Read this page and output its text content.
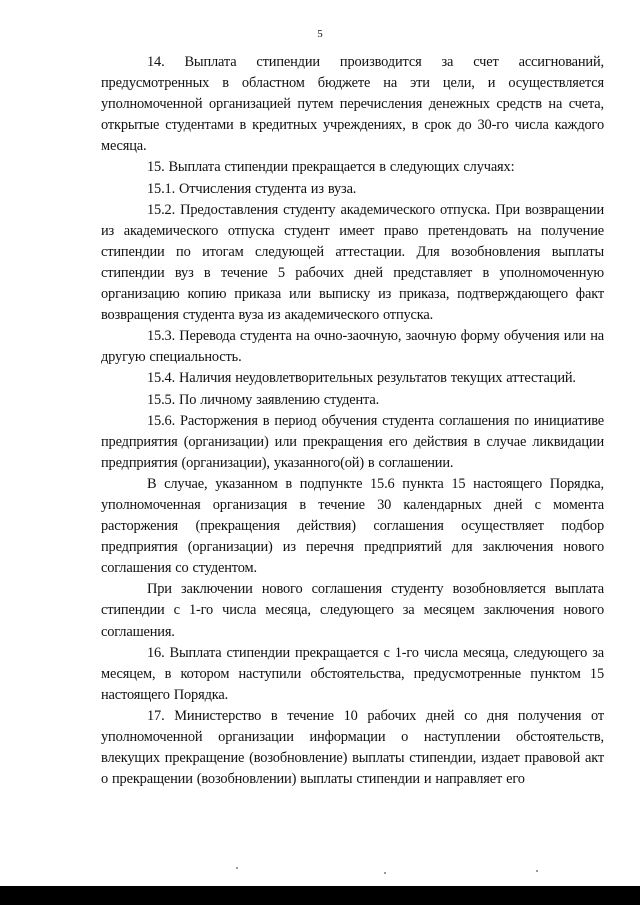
5

14. Выплата стипендии производится за счет ассигнований, предусмотренных в областном бюджете на эти цели, и осуществляется уполномоченной организацией путем перечисления денежных средств на счета, открытые студентами в кредитных учреждениях, в срок до 30-го числа каждого месяца.

15. Выплата стипендии прекращается в следующих случаях:

15.1. Отчисления студента из вуза.

15.2. Предоставления студенту академического отпуска. При возвращении из академического отпуска студент имеет право претендовать на получение стипендии по итогам следующей аттестации. Для возобновления выплаты стипендии вуз в течение 5 рабочих дней представляет в уполномоченную организацию копию приказа или выписку из приказа, подтверждающего факт возвращения студента вуза из академического отпуска.

15.3. Перевода студента на очно-заочную, заочную форму обучения или на другую специальность.

15.4. Наличия неудовлетворительных результатов текущих аттестаций.

15.5. По личному заявлению студента.

15.6. Расторжения в период обучения студента соглашения по инициативе предприятия (организации) или прекращения его действия в случае ликвидации предприятия (организации), указанного(ой) в соглашении.

В случае, указанном в подпункте 15.6 пункта 15 настоящего Порядка, уполномоченная организация в течение 30 календарных дней с момента расторжения (прекращения действия) соглашения осуществляет подбор предприятия (организации) из перечня предприятий для заключения нового соглашения со студентом.

При заключении нового соглашения студенту возобновляется выплата стипендии с 1-го числа месяца, следующего за месяцем заключения нового соглашения.

16. Выплата стипендии прекращается с 1-го числа месяца, следующего за месяцем, в котором наступили обстоятельства, предусмотренные пунктом 15 настоящего Порядка.

17. Министерство в течение 10 рабочих дней со дня получения от уполномоченной организации информации о наступлении обстоятельств, влекущих прекращение (возобновление) выплаты стипендии, издает правовой акт о прекращении (возобновлении) выплаты стипендии и направляет его
